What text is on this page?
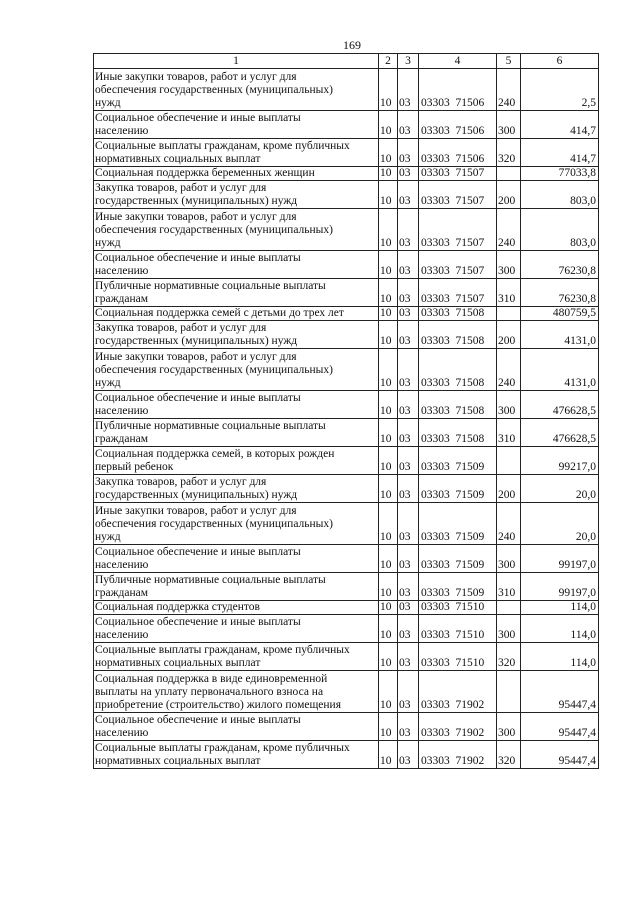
169
1	2	3	4	5	6
Иные закупки товаров, работ и услуг для
обеспечения государственных (муниципальных)
нужд	10	03	03303  71506	240	2,5
Социальное обеспечение и иные выплаты
населению	10	03	03303  71506	300	414,7
Социальные выплаты гражданам, кроме публичных
нормативных социальных выплат	10	03	03303  71506	320	414,7
Социальная поддержка беременных женщин	10	03	03303  71507		77033,8
Закупка товаров, работ и услуг для
государственных (муниципальных) нужд	10	03	03303  71507	200	803,0
Иные закупки товаров, работ и услуг для
обеспечения государственных (муниципальных)
нужд	10	03	03303  71507	240	803,0
Социальное обеспечение и иные выплаты
населению	10	03	03303  71507	300	76230,8
Публичные нормативные социальные выплаты
гражданам	10	03	03303  71507	310	76230,8
Социальная поддержка семей с детьми до трех лет	10	03	03303  71508		480759,5
Закупка товаров, работ и услуг для
государственных (муниципальных) нужд	10	03	03303  71508	200	4131,0
Иные закупки товаров, работ и услуг для
обеспечения государственных (муниципальных)
нужд	10	03	03303  71508	240	4131,0
Социальное обеспечение и иные выплаты
населению	10	03	03303  71508	300	476628,5
Публичные нормативные социальные выплаты
гражданам	10	03	03303  71508	310	476628,5
Социальная поддержка семей, в которых рожден
первый ребенок	10	03	03303  71509		99217,0
Закупка товаров, работ и услуг для
государственных (муниципальных) нужд	10	03	03303  71509	200	20,0
Иные закупки товаров, работ и услуг для
обеспечения государственных (муниципальных)
нужд	10	03	03303  71509	240	20,0
Социальное обеспечение и иные выплаты
населению	10	03	03303  71509	300	99197,0
Публичные нормативные социальные выплаты
гражданам	10	03	03303  71509	310	99197,0
Социальная поддержка студентов	10	03	03303  71510		114,0
Социальное обеспечение и иные выплаты
населению	10	03	03303  71510	300	114,0
Социальные выплаты гражданам, кроме публичных
нормативных социальных выплат	10	03	03303  71510	320	114,0
Социальная поддержка в виде единовременной
выплаты на уплату первоначального взноса на
приобретение (строительство) жилого помещения	10	03	03303  71902		95447,4
Социальное обеспечение и иные выплаты
населению	10	03	03303  71902	300	95447,4
Социальные выплаты гражданам, кроме публичных
нормативных социальных выплат	10	03	03303  71902	320	95447,4
